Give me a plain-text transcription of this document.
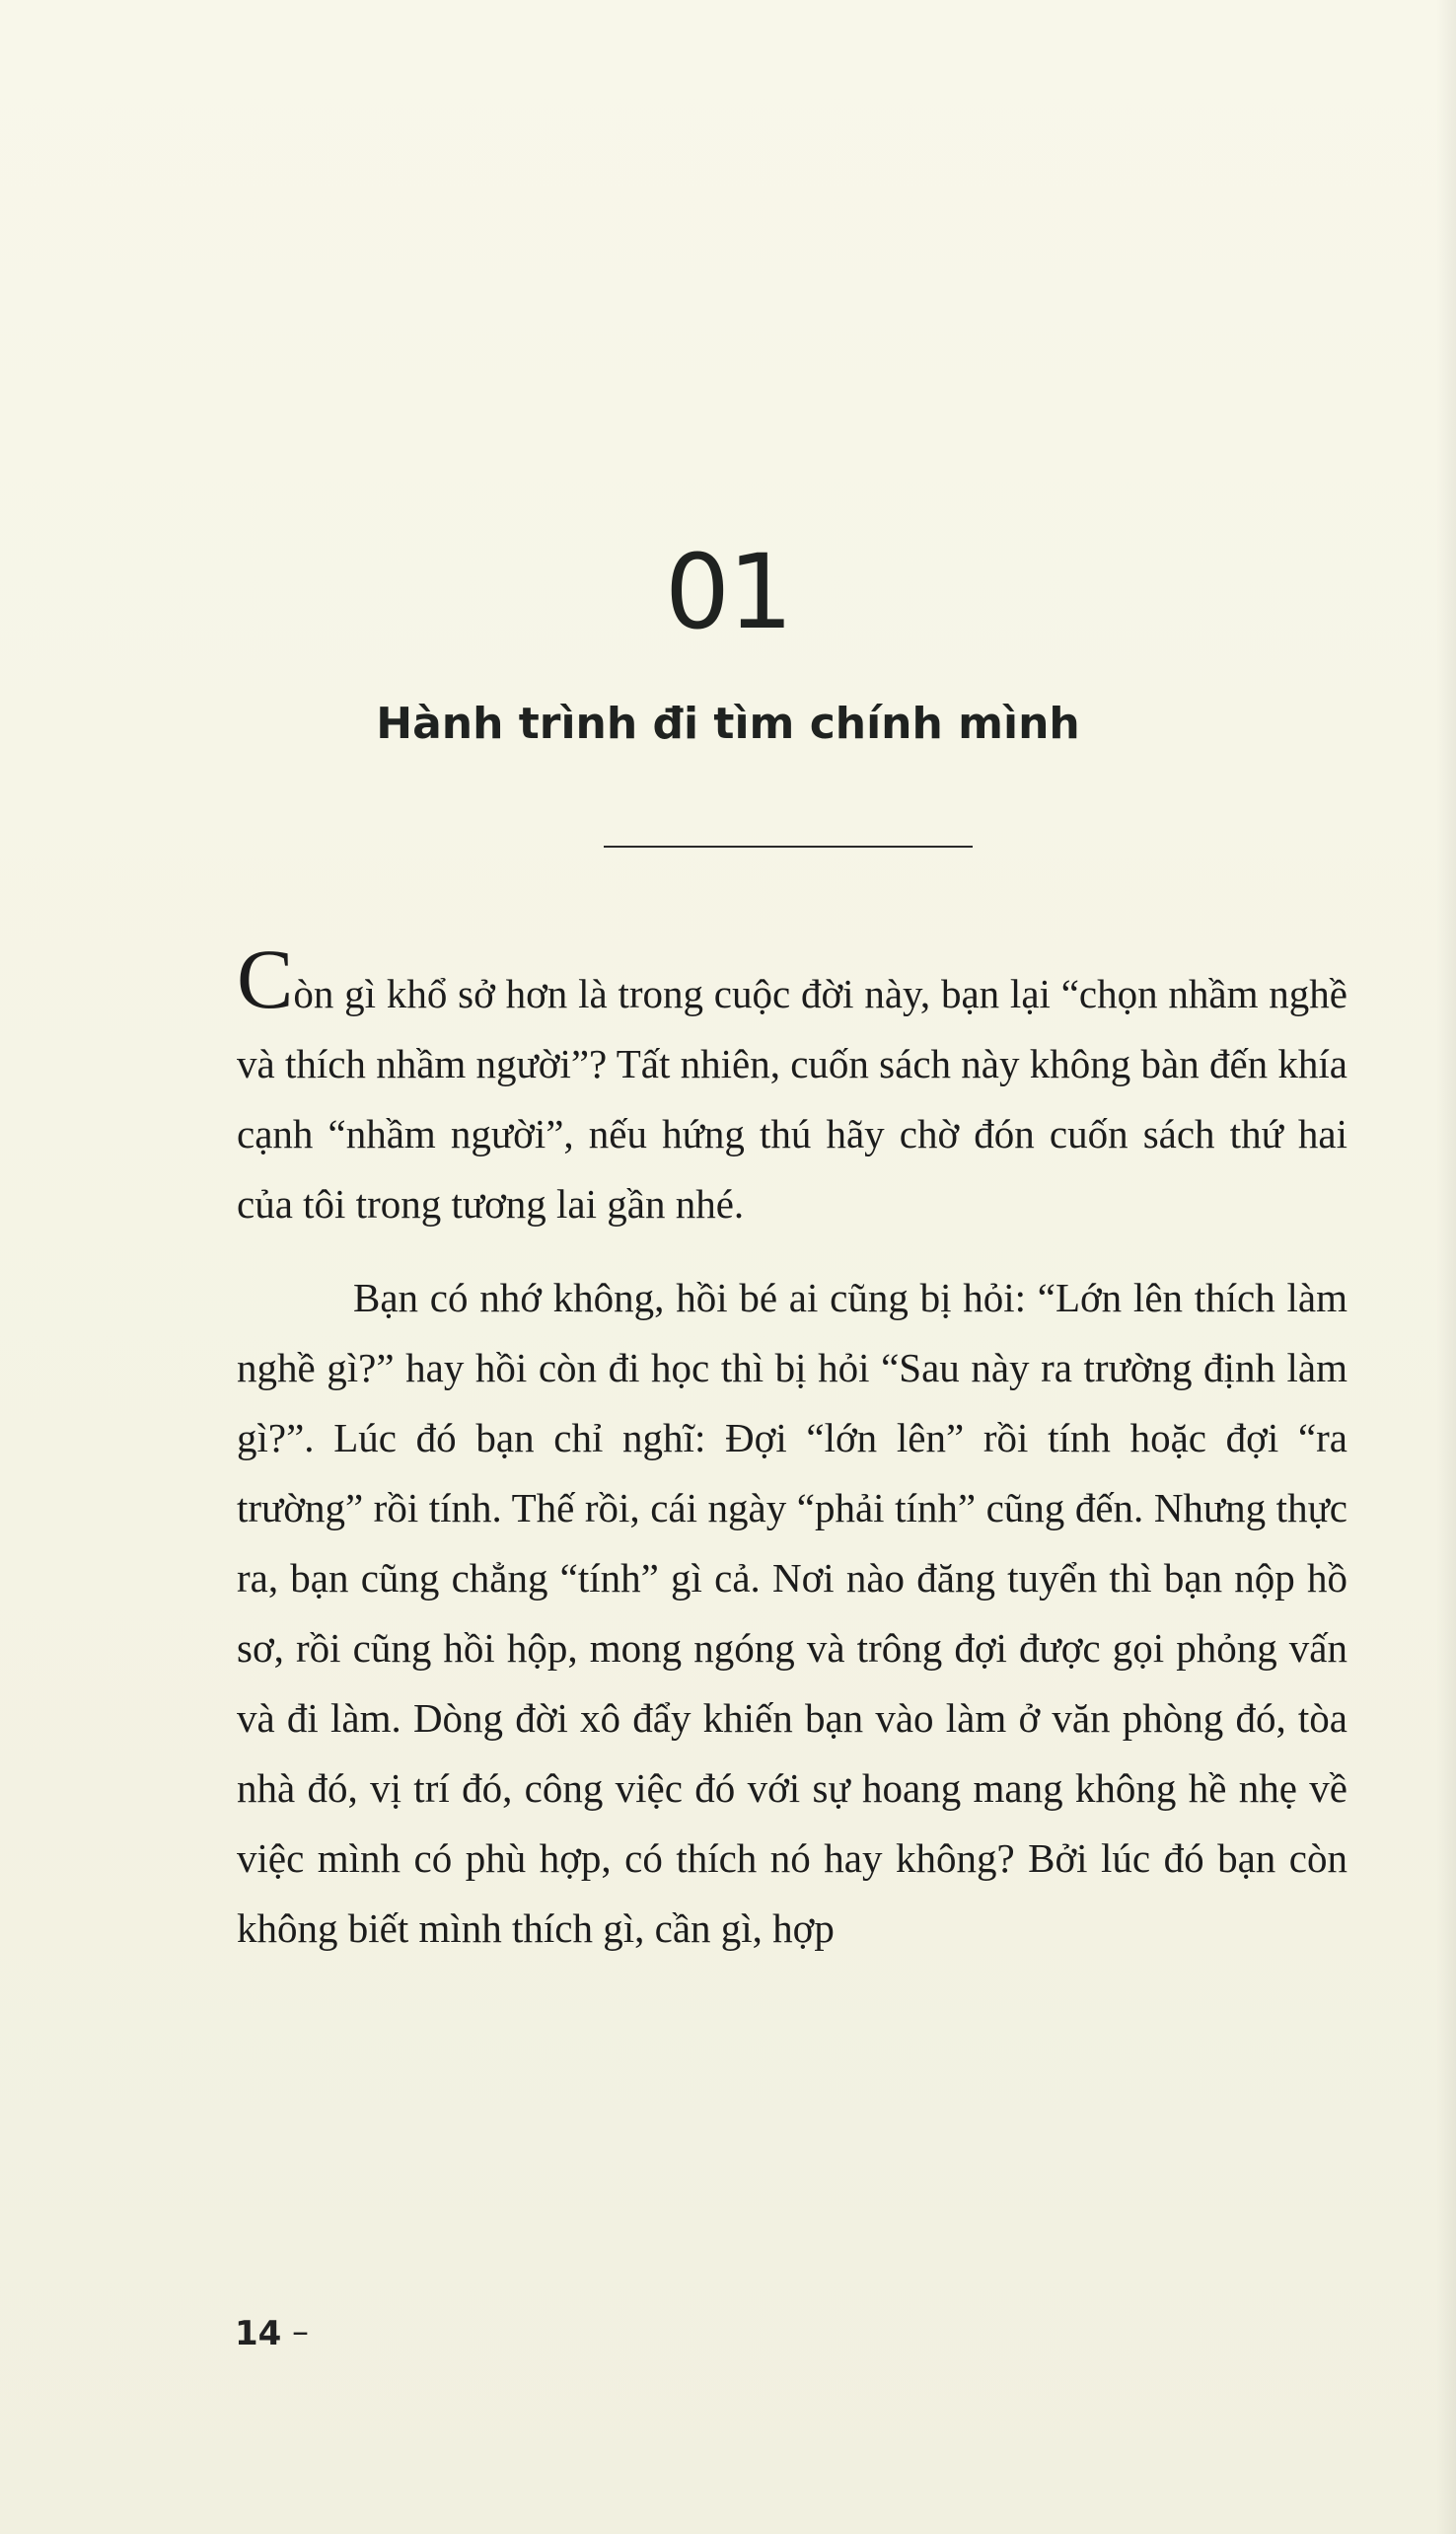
01
Hành trình đi tìm chính mình

Còn gì khổ sở hơn là trong cuộc đời này, bạn lại “chọn nhầm nghề và thích nhầm người”? Tất nhiên, cuốn sách này không bàn đến khía cạnh “nhầm người”, nếu hứng thú hãy chờ đón cuốn sách thứ hai của tôi trong tương lai gần nhé.

Bạn có nhớ không, hồi bé ai cũng bị hỏi: “Lớn lên thích làm nghề gì?” hay hồi còn đi học thì bị hỏi “Sau này ra trường định làm gì?”. Lúc đó bạn chỉ nghĩ: Đợi “lớn lên” rồi tính hoặc đợi “ra trường” rồi tính. Thế rồi, cái ngày “phải tính” cũng đến. Nhưng thực ra, bạn cũng chẳng “tính” gì cả. Nơi nào đăng tuyển thì bạn nộp hồ sơ, rồi cũng hồi hộp, mong ngóng và trông đợi được gọi phỏng vấn và đi làm. Dòng đời xô đẩy khiến bạn vào làm ở văn phòng đó, tòa nhà đó, vị trí đó, công việc đó với sự hoang mang không hề nhẹ về việc mình có phù hợp, có thích nó hay không? Bởi lúc đó bạn còn không biết mình thích gì, cần gì, hợp

14 –
